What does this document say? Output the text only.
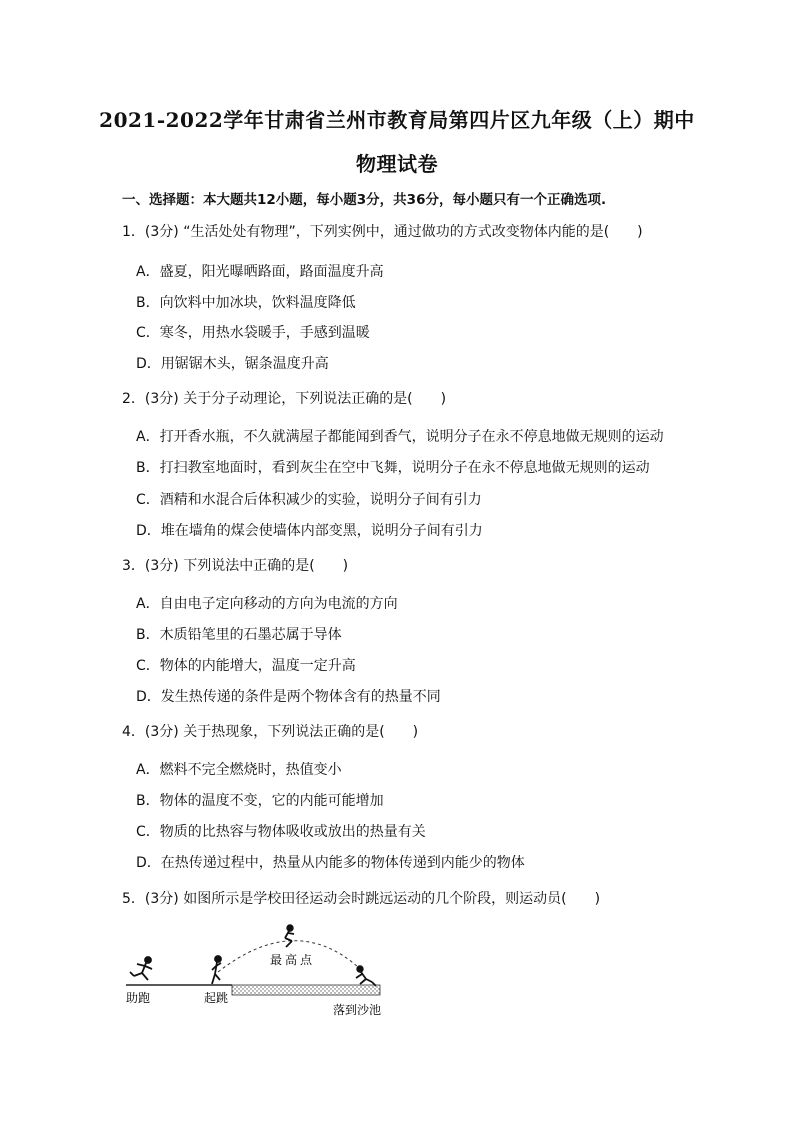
2021-2022学年甘肃省兰州市教育局第四片区九年级（上）期中
物理试卷
一、选择题：本大题共12小题，每小题3分，共36分，每小题只有一个正确选项.
1．(3分) “生活处处有物理”，下列实例中，通过做功的方式改变物体内能的是(　　)
A．盛夏，阳光曝晒路面，路面温度升高
B．向饮料中加冰块，饮料温度降低
C．寒冬，用热水袋暖手，手感到温暖
D．用锯锯木头，锯条温度升高
2．(3分) 关于分子动理论，下列说法正确的是(　　)
A．打开香水瓶，不久就满屋子都能闻到香气，说明分子在永不停息地做无规则的运动
B．打扫教室地面时，看到灰尘在空中飞舞，说明分子在永不停息地做无规则的运动
C．酒精和水混合后体积减少的实验，说明分子间有引力
D．堆在墙角的煤会使墙体内部变黑，说明分子间有引力
3．(3分) 下列说法中正确的是(　　)
A．自由电子定向移动的方向为电流的方向
B．木质铅笔里的石墨芯属于导体
C．物体的内能增大，温度一定升高
D．发生热传递的条件是两个物体含有的热量不同
4．(3分) 关于热现象，下列说法正确的是(　　)
A．燃料不完全燃烧时，热值变小
B．物体的温度不变，它的内能可能增加
C．物质的比热容与物体吸收或放出的热量有关
D．在热传递过程中，热量从内能多的物体传递到内能少的物体
5．(3分) 如图所示是学校田径运动会时跳远运动的几个阶段，则运动员(　　)
助跑	起跳
最高点
落到沙池
